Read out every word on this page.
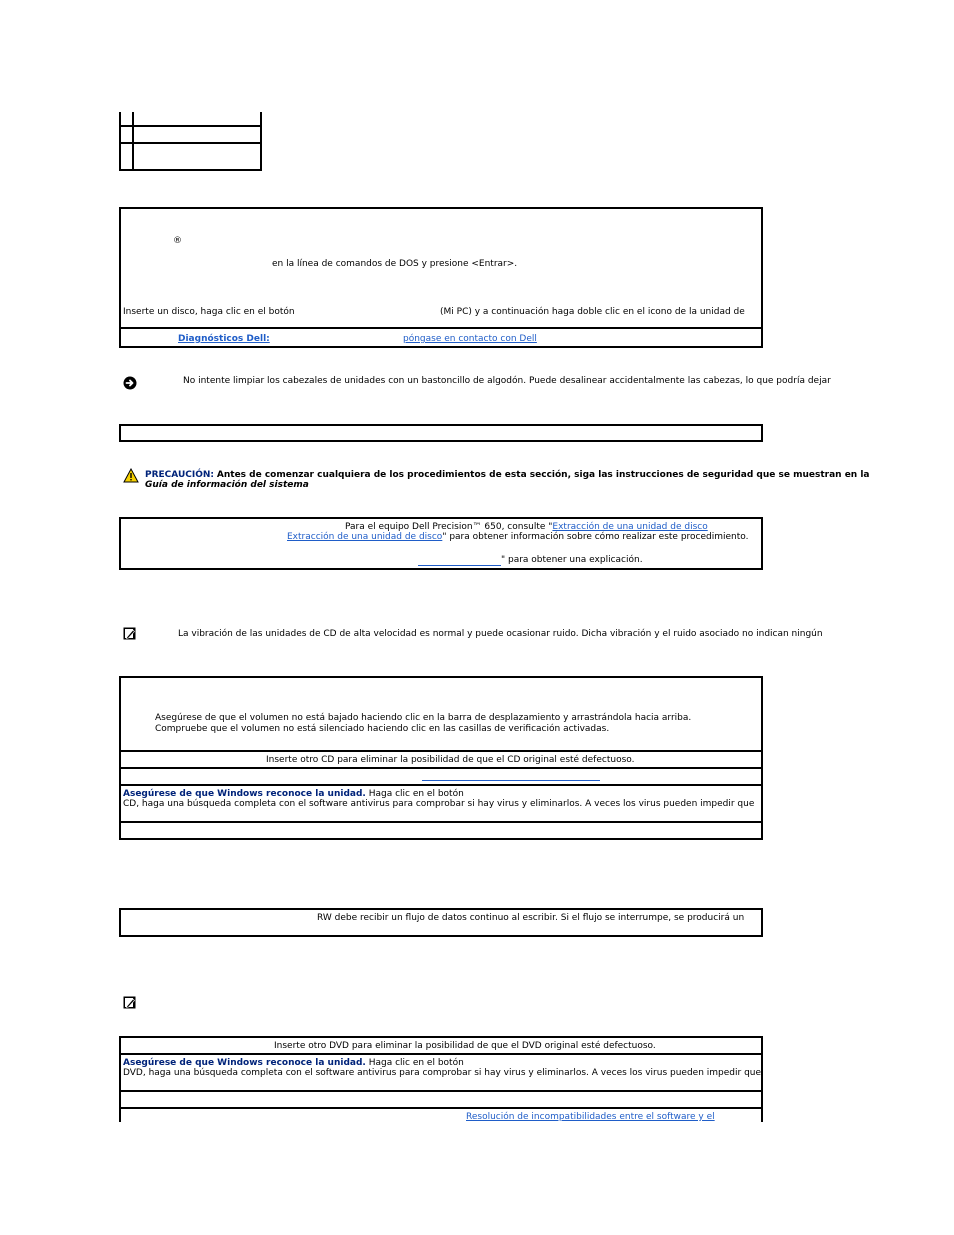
®
en la línea de comandos de DOS y presione <Entrar>.
Inserte un disco, haga clic en el botón	(Mi PC) y a continuación haga doble clic en el icono de la unidad de
Diagnósticos Dell:	póngase en contacto con Dell
No intente limpiar los cabezales de unidades con un bastoncillo de algodón. Puede desalinear accidentalmente las cabezas, lo que podría dejar
PRECAUCIÓN: Antes de comenzar cualquiera de los procedimientos de esta sección, siga las instrucciones de seguridad que se muestran en la
Guía de información del sistema
Para el equipo Dell Precision™ 650, consulte "Extracción de una unidad de disco
Extracción de una unidad de disco" para obtener información sobre cómo realizar este procedimiento.
" para obtener una explicación.
La vibración de las unidades de CD de alta velocidad es normal y puede ocasionar ruido. Dicha vibración y el ruido asociado no indican ningún
Asegúrese de que el volumen no está bajado haciendo clic en la barra de desplazamiento y arrastrándola hacia arriba.
Compruebe que el volumen no está silenciado haciendo clic en las casillas de verificación activadas.
Inserte otro CD para eliminar la posibilidad de que el CD original esté defectuoso.
Asegúrese de que Windows reconoce la unidad. Haga clic en el botón
CD, haga una búsqueda completa con el software antivirus para comprobar si hay virus y eliminarlos. A veces los virus pueden impedir que
RW debe recibir un flujo de datos continuo al escribir. Si el flujo se interrumpe, se producirá un
Inserte otro DVD para eliminar la posibilidad de que el DVD original esté defectuoso.
Asegúrese de que Windows reconoce la unidad. Haga clic en el botón
DVD, haga una búsqueda completa con el software antivirus para comprobar si hay virus y eliminarlos. A veces los virus pueden impedir que
Resolución de incompatibilidades entre el software y el
